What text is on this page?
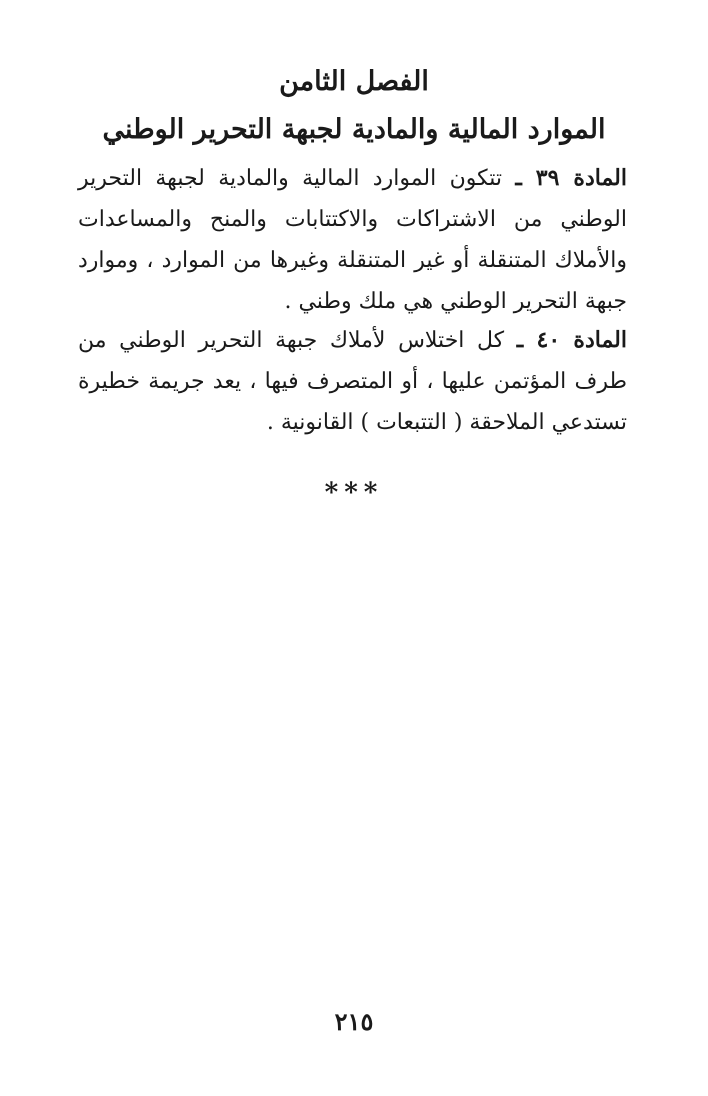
الفصل الثامن
الموارد المالية والمادية لجبهة التحرير الوطني

المادة ٣٩ ـ تتكون الموارد المالية والمادية لجبهة التحرير الوطني من الاشتراكات والاكتتابات والمنح والمساعدات والأملاك المتنقلة أو غير المتنقلة وغيرها من الموارد ، وموارد جبهة التحرير الوطني هي ملك وطني .

المادة ٤٠ ـ كل اختلاس لأملاك جبهة التحرير الوطني من طرف المؤتمن عليها ، أو المتصرف فيها ، يعد جريمة خطيرة تستدعي الملاحقة ( التتبعات ) القانونية .

***
٢١٥
